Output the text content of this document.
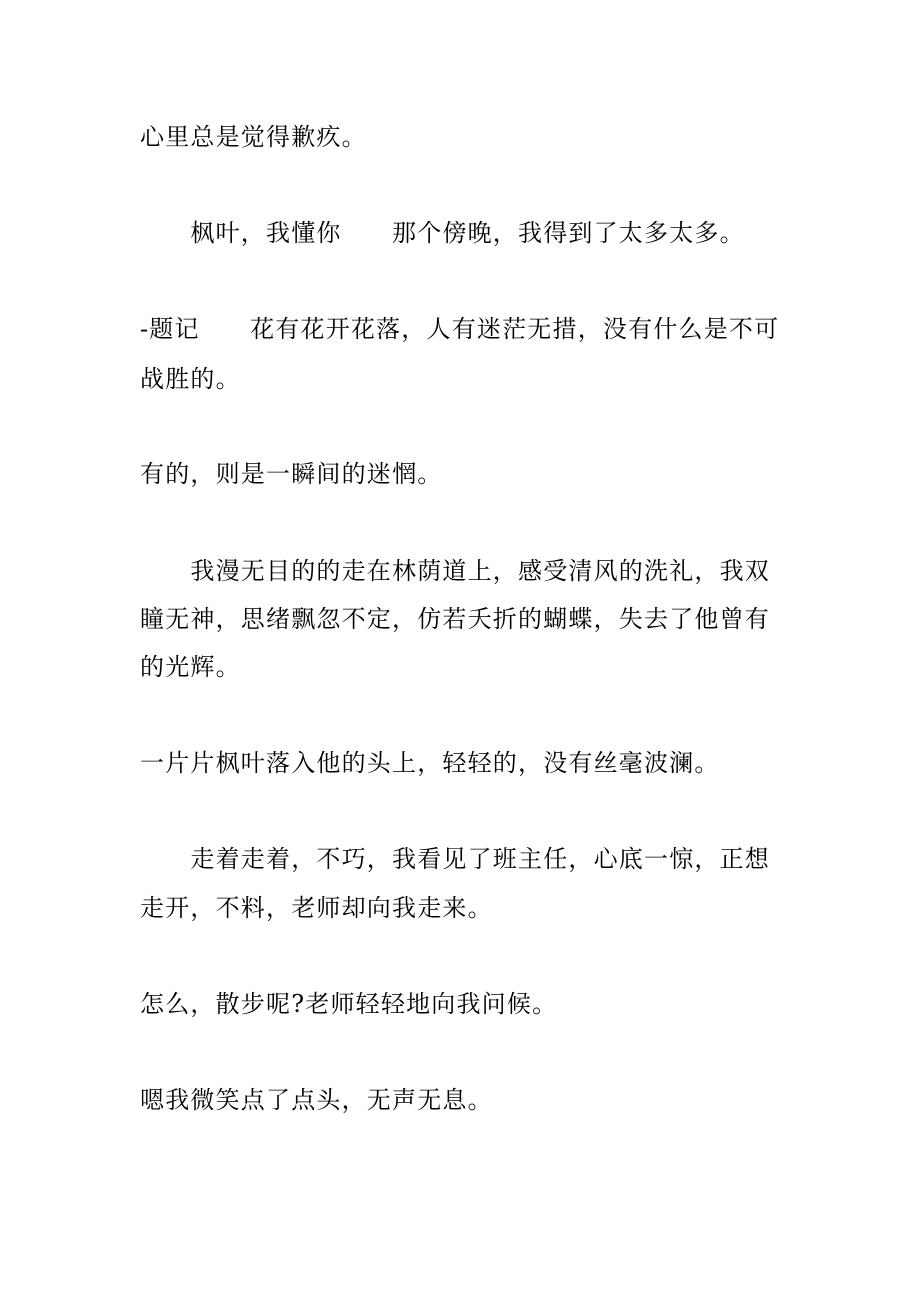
心里总是觉得歉疚。
　　枫叶，我懂你　　那个傍晚，我得到了太多太多。
-题记　　花有花开花落，人有迷茫无措，没有什么是不可
战胜的。
有的，则是一瞬间的迷惘。
　　我漫无目的的走在林荫道上，感受清风的洗礼，我双
瞳无神，思绪飘忽不定，仿若夭折的蝴蝶，失去了他曾有
的光辉。
一片片枫叶落入他的头上，轻轻的，没有丝毫波澜。
　　走着走着，不巧，我看见了班主任，心底一惊，正想
走开，不料，老师却向我走来。
怎么，散步呢?老师轻轻地向我问候。
嗯我微笑点了点头，无声无息。
